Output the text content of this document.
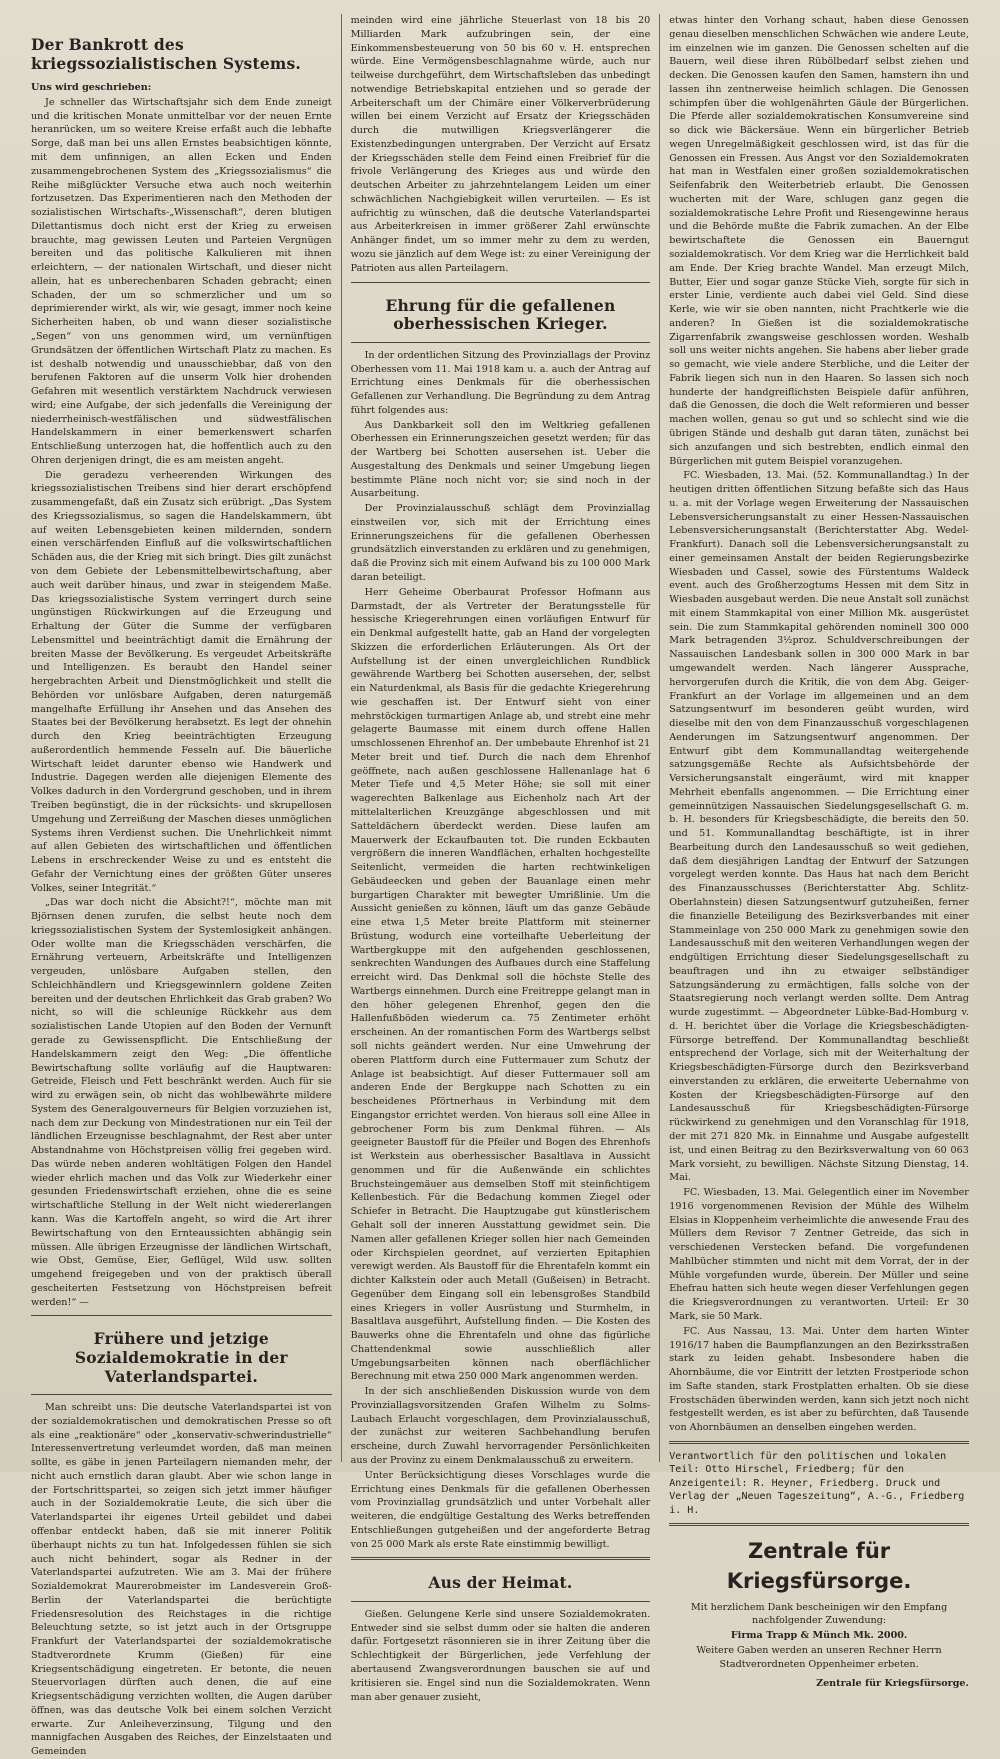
Der Bankrott des kriegssozialistischen Systems.

Uns wird geschrieben:

Je schneller das Wirtschaftsjahr sich dem Ende zuneigt und die kritischen Monate unmittelbar vor der neuen Ernte heranrücken, um so weitere Kreise erfaßt auch die lebhafte Sorge, daß man bei uns allen Ernstes beabsichtigen könnte, mit dem unfinnigen, an allen Ecken und Enden zusammengebrochenen System des „Kriegssozialismus“ die Reihe mißglückter Versuche etwa auch noch weiterhin fortzusetzen. Das Experimentieren nach den Methoden der sozialistischen Wirtschafts-„Wissenschaft“, deren blutigen Dilettantismus doch nicht erst der Krieg zu erweisen brauchte, mag gewissen Leuten und Parteien Vergnügen bereiten und das politische Kalkulieren mit ihnen erleichtern, — der nationalen Wirtschaft, und dieser nicht allein, hat es unberechenbaren Schaden gebracht; einen Schaden, der um so schmerzlicher und um so deprimierender wirkt, als wir, wie gesagt, immer noch keine Sicherheiten haben, ob und wann dieser sozialistische „Segen“ von uns genommen wird, um vernünftigen Grundsätzen der öffentlichen Wirtschaft Platz zu machen. Es ist deshalb notwendig und unausschiebbar, daß von den berufenen Faktoren auf die unserm Volk hier drohenden Gefahren mit wesentlich verstärktem Nachdruck verwiesen wird; eine Aufgabe, der sich jedenfalls die Vereinigung der niederrheinisch-westfälischen und südwestfälischen Handelskammern in einer bemerkenswert scharfen Entschließung unterzogen hat, die hoffentlich auch zu den Ohren derjenigen dringt, die es am meisten angeht.

Die geradezu verheerenden Wirkungen des kriegssozialistischen Treibens sind hier derart erschöpfend zusammengefaßt, daß ein Zusatz sich erübrigt. „Das System des Kriegssozialismus, so sagen die Handelskammern, übt auf weiten Lebensgebieten keinen mildernden, sondern einen verschärfenden Einfluß auf die volkswirtschaftlichen Schäden aus, die der Krieg mit sich bringt. Dies gilt zunächst von dem Gebiete der Lebensmittelbewirtschaftung, aber auch weit darüber hinaus, und zwar in steigendem Maße. Das kriegssozialistische System verringert durch seine ungünstigen Rückwirkungen auf die Erzeugung und Erhaltung der Güter die Summe der verfügbaren Lebensmittel und beeinträchtigt damit die Ernährung der breiten Masse der Bevölkerung. Es vergeudet Arbeitskräfte und Intelligenzen. Es beraubt den Handel seiner hergebrachten Arbeit und Dienstmöglichkeit und stellt die Behörden vor unlösbare Aufgaben, deren naturgemäß mangelhafte Erfüllung ihr Ansehen und das Ansehen des Staates bei der Bevölkerung herabsetzt. Es legt der ohnehin durch den Krieg beeinträchtigten Erzeugung außerordentlich hemmende Fesseln auf. Die bäuerliche Wirtschaft leidet darunter ebenso wie Handwerk und Industrie. Dagegen werden alle diejenigen Elemente des Volkes dadurch in den Vordergrund geschoben, und in ihrem Treiben begünstigt, die in der rücksichts- und skrupellosen Umgehung und Zerreißung der Maschen dieses unmöglichen Systems ihren Verdienst suchen. Die Unehrlichkeit nimmt auf allen Gebieten des wirtschaftlichen und öffentlichen Lebens in erschreckender Weise zu und es entsteht die Gefahr der Vernichtung eines der größten Güter unseres Volkes, seiner Integrität.“

„Das war doch nicht die Absicht?!“, möchte man mit Björnsen denen zurufen, die selbst heute noch dem kriegssozialistischen System der Systemlosigkeit anhängen. Oder wollte man die Kriegsschäden verschärfen, die Ernährung verteuern, Arbeitskräfte und Intelligenzen vergeuden, unlösbare Aufgaben stellen, den Schleichhändlern und Kriegsgewinnlern goldene Zeiten bereiten und der deutschen Ehrlichkeit das Grab graben? Wo nicht, so will die schleunige Rückkehr aus dem sozialistischen Lande Utopien auf den Boden der Vernunft gerade zu Gewissenspflicht. Die Entschließung der Handelskammern zeigt den Weg: „Die öffentliche Bewirtschaftung sollte vorläufig auf die Hauptwaren: Getreide, Fleisch und Fett beschränkt werden. Auch für sie wird zu erwägen sein, ob nicht das wohlbewährte mildere System des Generalgouverneurs für Belgien vorzuziehen ist, nach dem zur Deckung von Mindestrationen nur ein Teil der ländlichen Erzeugnisse beschlagnahmt, der Rest aber unter Abstandnahme von Höchstpreisen völlig frei gegeben wird. Das würde neben anderen wohltätigen Folgen den Handel wieder ehrlich machen und das Volk zur Wiederkehr einer gesunden Friedenswirtschaft erziehen, ohne die es seine wirtschaftliche Stellung in der Welt nicht wiedererlangen kann. Was die Kartoffeln angeht, so wird die Art ihrer Bewirtschaftung von den Ernteaussichten abhängig sein müssen. Alle übrigen Erzeugnisse der ländlichen Wirtschaft, wie Obst, Gemüse, Eier, Geflügel, Wild usw. sollten umgehend freigegeben und von der praktisch überall gescheiterten Festsetzung von Höchstpreisen befreit werden!“ —

Frühere und jetzige Sozialdemokratie in der Vaterlandspartei.

Man schreibt uns: Die deutsche Vaterlandspartei ist von der sozialdemokratischen und demokratischen Presse so oft als eine „reaktionäre“ oder „konservativ-schwerindustrielle“ Interessenvertretung verleumdet worden, daß man meinen sollte, es gäbe in jenen Parteilagern niemanden mehr, der nicht auch ernstlich daran glaubt. Aber wie schon lange in der Fortschrittspartei, so zeigen sich jetzt immer häufiger auch in der Sozialdemokratie Leute, die sich über die Vaterlandspartei ihr eigenes Urteil gebildet und dabei offenbar entdeckt haben, daß sie mit innerer Politik überhaupt nichts zu tun hat. Infolgedessen fühlen sie sich auch nicht behindert, sogar als Redner in der Vaterlandspartei aufzutreten. Wie am 3. Mai der frühere Sozialdemokrat Maurerobmeister im Landesverein Groß-Berlin der Vaterlandspartei die berüchtigte Friedensresolution des Reichstages in die richtige Beleuchtung setzte, so ist jetzt auch in der Ortsgruppe Frankfurt der Vaterlandspartei der sozialdemokratische Stadtverordnete Krumm (Gießen) für eine Kriegsentschädigung eingetreten. Er betonte, die neuen Steuervorlagen dürften auch denen, die auf eine Kriegsentschädigung verzichten wollten, die Augen darüber öffnen, was das deutsche Volk bei einem solchen Verzicht erwarte. Zur Anleiheverzinsung, Tilgung und den mannigfachen Ausgaben des Reiches, der Einzelstaaten und Gemeinden

meinden wird eine jährliche Steuerlast von 18 bis 20 Milliarden Mark aufzubringen sein, der eine Einkommensbesteuerung von 50 bis 60 v. H. entsprechen würde. Eine Vermögensbeschlagnahme würde, auch nur teilweise durchgeführt, dem Wirtschaftsleben das unbedingt notwendige Betriebskapital entziehen und so gerade der Arbeiterschaft um der Chimäre einer Völkerverbrüderung willen bei einem Verzicht auf Ersatz der Kriegsschäden durch die mutwilligen Kriegsverlängerer die Existenzbedingungen untergraben. Der Verzicht auf Ersatz der Kriegsschäden stelle dem Feind einen Freibrief für die frivole Verlängerung des Krieges aus und würde den deutschen Arbeiter zu jahrzehntelangem Leiden um einer schwächlichen Nachgiebigkeit willen verurteilen. — Es ist aufrichtig zu wünschen, daß die deutsche Vaterlandspartei aus Arbeiterkreisen in immer größerer Zahl erwünschte Anhänger findet, um so immer mehr zu dem zu werden, wozu sie jänzlich auf dem Wege ist: zu einer Vereinigung der Patrioten aus allen Parteilagern.

Ehrung für die gefallenen oberhessischen Krieger.

In der ordentlichen Sitzung des Provinziallags der Provinz Oberhessen vom 11. Mai 1918 kam u. a. auch der Antrag auf Errichtung eines Denkmals für die oberhessischen Gefallenen zur Verhandlung. Die Begründung zu dem Antrag führt folgendes aus:

Aus Dankbarkeit soll den im Weltkrieg gefallenen Oberhessen ein Erinnerungszeichen gesetzt werden; für das der Wartberg bei Schotten ausersehen ist. Ueber die Ausgestaltung des Denkmals und seiner Umgebung liegen bestimmte Pläne noch nicht vor; sie sind noch in der Ausarbeitung.

Der Provinzialausschuß schlägt dem Provinziallag einstweilen vor, sich mit der Errichtung eines Erinnerungszeichens für die gefallenen Oberhessen grundsätzlich einverstanden zu erklären und zu genehmigen, daß die Provinz sich mit einem Aufwand bis zu 100 000 Mark daran beteiligt.

Herr Geheime Oberbaurat Professor Hofmann aus Darmstadt, der als Vertreter der Beratungsstelle für hessische Kriegerehrungen einen vorläufigen Entwurf für ein Denkmal aufgestellt hatte, gab an Hand der vorgelegten Skizzen die erforderlichen Erläuterungen. Als Ort der Aufstellung ist der einen unvergleichlichen Rundblick gewährende Wartberg bei Schotten ausersehen, der, selbst ein Naturdenkmal, als Basis für die gedachte Kriegerehrung wie geschaffen ist. Der Entwurf sieht von einer mehrstöckigen turmartigen Anlage ab, und strebt eine mehr gelagerte Baumasse mit einem durch offene Hallen umschlossenen Ehrenhof an. Der umbebaute Ehrenhof ist 21 Meter breit und tief. Durch die nach dem Ehrenhof geöffnete, nach außen geschlossene Hallenanlage hat 6 Meter Tiefe und 4,5 Meter Höhe; sie soll mit einer wagerechten Balkenlage aus Eichenholz nach Art der mittelalterlichen Kreuzgänge abgeschlossen und mit Satteldächern überdeckt werden. Diese laufen am Mauerwerk der Eckaufbauten tot. Die runden Eckbauten vergrößern die inneren Wandflächen, erhalten hochgestellte Seitenlicht, vermeiden die harten rechtwinkeligen Gebäudeecken und geben der Bauanlage einen mehr burgartigen Charakter mit bewegter Umrißlinie. Um die Aussicht genießen zu können, läuft um das ganze Gebäude eine etwa 1,5 Meter breite Plattform mit steinerner Brüstung, wodurch eine vorteilhafte Ueberleitung der Wartbergkuppe mit den aufgehenden geschlossenen, senkrechten Wandungen des Aufbaues durch eine Staffelung erreicht wird. Das Denkmal soll die höchste Stelle des Wartbergs einnehmen. Durch eine Freitreppe gelangt man in den höher gelegenen Ehrenhof, gegen den die Hallenfußböden wiederum ca. 75 Zentimeter erhöht erscheinen. An der romantischen Form des Wartbergs selbst soll nichts geändert werden. Nur eine Umwehrung der oberen Plattform durch eine Futtermauer zum Schutz der Anlage ist beabsichtigt. Auf dieser Futtermauer soll am anderen Ende der Bergkuppe nach Schotten zu ein bescheidenes Pförtnerhaus in Verbindung mit dem Eingangstor errichtet werden. Von hieraus soll eine Allee in gebrochener Form bis zum Denkmal führen. — Als geeigneter Baustoff für die Pfeiler und Bogen des Ehrenhofs ist Werkstein aus oberhessischer Basaltlava in Aussicht genommen und für die Außenwände ein schlichtes Bruchsteingemäuer aus demselben Stoff mit steinfichtigem Kellenbestich. Für die Bedachung kommen Ziegel oder Schiefer in Betracht. Die Hauptzugabe gut künstlerischem Gehalt soll der inneren Ausstattung gewidmet sein. Die Namen aller gefallenen Krieger sollen hier nach Gemeinden oder Kirchspielen geordnet, auf verzierten Epitaphien verewigt werden. Als Baustoff für die Ehrentafeln kommt ein dichter Kalkstein oder auch Metall (Gußeisen) in Betracht. Gegenüber dem Eingang soll ein lebensgroßes Standbild eines Kriegers in voller Ausrüstung und Sturmhelm, in Basaltlava ausgeführt, Aufstellung finden. — Die Kosten des Bauwerks ohne die Ehrentafeln und ohne das figürliche Chattendenkmal sowie ausschließlich aller Umgebungsarbeiten können nach oberflächlicher Berechnung mit etwa 250 000 Mark angenommen werden.

In der sich anschließenden Diskussion wurde von dem Provinziallagsvorsitzenden Grafen Wilhelm zu Solms-Laubach Erlaucht vorgeschlagen, dem Provinzialausschuß, der zunächst zur weiteren Sachbehandlung berufen erscheine, durch Zuwahl hervorragender Persönlichkeiten aus der Provinz zu einem Denkmalausschuß zu erweitern.

Unter Berücksichtigung dieses Vorschlages wurde die Errichtung eines Denkmals für die gefallenen Oberhessen vom Provinziallag grundsätzlich und unter Vorbehalt aller weiteren, die endgültige Gestaltung des Werks betreffenden Entschließungen gutgeheißen und der angeforderte Betrag von 25 000 Mark als erste Rate einstimmig bewilligt.

Aus der Heimat.

Gießen. Gelungene Kerle sind unsere Sozialdemokraten. Entweder sind sie selbst dumm oder sie halten die anderen dafür. Fortgesetzt räsonnieren sie in ihrer Zeitung über die Schlechtigkeit der Bürgerlichen, jede Verfehlung der abertausend Zwangsverordnungen bauschen sie auf und kritisieren sie. Engel sind nun die Sozialdemokraten. Wenn man aber genauer zusieht,

etwas hinter den Vorhang schaut, haben diese Genossen genau dieselben menschlichen Schwächen wie andere Leute, im einzelnen wie im ganzen. Die Genossen schelten auf die Bauern, weil diese ihren Rübölbedarf selbst ziehen und decken. Die Genossen kaufen den Samen, hamstern ihn und lassen ihn zentnerweise heimlich schlagen. Die Genossen schimpfen über die wohlgenährten Gäule der Bürgerlichen. Die Pferde aller sozialdemokratischen Konsumvereine sind so dick wie Bäckersäue. Wenn ein bürgerlicher Betrieb wegen Unregelmäßigkeit geschlossen wird, ist das für die Genossen ein Fressen. Aus Angst vor den Sozialdemokraten hat man in Westfalen einer großen sozialdemokratischen Seifenfabrik den Weiterbetrieb erlaubt. Die Genossen wucherten mit der Ware, schlugen ganz gegen die sozialdemokratische Lehre Profit und Riesengewinne heraus und die Behörde mußte die Fabrik zumachen. An der Elbe bewirtschaftete die Genossen ein Bauerngut sozialdemokratisch. Vor dem Krieg war die Herrlichkeit bald am Ende. Der Krieg brachte Wandel. Man erzeugt Milch, Butter, Eier und sogar ganze Stücke Vieh, sorgte für sich in erster Linie, verdiente auch dabei viel Geld. Sind diese Kerle, wie wir sie oben nannten, nicht Prachtkerle wie die anderen? In Gießen ist die sozialdemokratische Zigarrenfabrik zwangsweise geschlossen worden. Weshalb soll uns weiter nichts angehen. Sie habens aber lieber grade so gemacht, wie viele andere Sterbliche, und die Leiter der Fabrik liegen sich nun in den Haaren. So lassen sich noch hunderte der handgreiflichsten Beispiele dafür anführen, daß die Genossen, die doch die Welt reformieren und besser machen wollen, genau so gut und so schlecht sind wie die übrigen Stände und deshalb gut daran täten, zunächst bei sich anzufangen und sich bestrebten, endlich einmal den Bürgerlichen mit gutem Beispiel voranzugehen.

FC. Wiesbaden, 13. Mai. (52. Kommunallandtag.) In der heutigen dritten öffentlichen Sitzung befaßte sich das Haus u. a. mit der Vorlage wegen Erweiterung der Nassauischen Lebensversicherungsanstalt zu einer Hessen-Nassauischen Lebensversicherungsanstalt (Berichterstatter Abg. Wedel-Frankfurt). Danach soll die Lebensversicherungsanstalt zu einer gemeinsamen Anstalt der beiden Regierungsbezirke Wiesbaden und Cassel, sowie des Fürstentums Waldeck event. auch des Großherzogtums Hessen mit dem Sitz in Wiesbaden ausgebaut werden. Die neue Anstalt soll zunächst mit einem Stammkapital von einer Million Mk. ausgerüstet sein. Die zum Stammkapital gehörenden nominell 300 000 Mark betragenden 3½proz. Schuldverschreibungen der Nassauischen Landesbank sollen in 300 000 Mark in bar umgewandelt werden. Nach längerer Aussprache, hervorgerufen durch die Kritik, die von dem Abg. Geiger-Frankfurt an der Vorlage im allgemeinen und an dem Satzungsentwurf im besonderen geübt wurden, wird dieselbe mit den von dem Finanzausschuß vorgeschlagenen Aenderungen im Satzungsentwurf angenommen. Der Entwurf gibt dem Kommunallandtag weitergehende satzungsgemäße Rechte als Aufsichtsbehörde der Versicherungsanstalt eingeräumt, wird mit knapper Mehrheit ebenfalls angenommen. — Die Errichtung einer gemeinnützigen Nassauischen Siedelungsgesellschaft G. m. b. H. besonders für Kriegsbeschädigte, die bereits den 50. und 51. Kommunallandtag beschäftigte, ist in ihrer Bearbeitung durch den Landesausschuß so weit gediehen, daß dem diesjährigen Landtag der Entwurf der Satzungen vorgelegt werden konnte. Das Haus hat nach dem Bericht des Finanzausschusses (Berichterstatter Abg. Schlitz-Oberlahnstein) diesen Satzungsentwurf gutzuheißen, ferner die finanzielle Beteiligung des Bezirksverbandes mit einer Stammeinlage von 250 000 Mark zu genehmigen sowie den Landesausschuß mit den weiteren Verhandlungen wegen der endgültigen Errichtung dieser Siedelungsgesellschaft zu beauftragen und ihn zu etwaiger selbständiger Satzungsänderung zu ermächtigen, falls solche von der Staatsregierung noch verlangt werden sollte. Dem Antrag wurde zugestimmt. — Abgeordneter Lübke-Bad-Homburg v. d. H. berichtet über die Vorlage die Kriegsbeschädigten-Fürsorge betreffend. Der Kommunallandtag beschließt entsprechend der Vorlage, sich mit der Weiterhaltung der Kriegsbeschädigten-Fürsorge durch den Bezirksverband einverstanden zu erklären, die erweiterte Uebernahme von Kosten der Kriegsbeschädigten-Fürsorge auf den Landesausschuß für Kriegsbeschädigten-Fürsorge rückwirkend zu genehmigen und den Voranschlag für 1918, der mit 271 820 Mk. in Einnahme und Ausgabe aufgestellt ist, und einen Beitrag zu den Bezirksverwaltung von 60 063 Mark vorsieht, zu bewilligen. Nächste Sitzung Dienstag, 14. Mai.

FC. Wiesbaden, 13. Mai. Gelegentlich einer im November 1916 vorgenommenen Revision der Mühle des Wilhelm Elsias in Kloppenheim verheimlichte die anwesende Frau des Müllers dem Revisor 7 Zentner Getreide, das sich in verschiedenen Verstecken befand. Die vorgefundenen Mahlbücher stimmten und nicht mit dem Vorrat, der in der Mühle vorgefunden wurde, überein. Der Müller und seine Ehefrau hatten sich heute wegen dieser Verfehlungen gegen die Kriegsverordnungen zu verantworten. Urteil: Er 30 Mark, sie 50 Mark.

FC. Aus Nassau, 13. Mai. Unter dem harten Winter 1916/17 haben die Baumpflanzungen an den Bezirksstraßen stark zu leiden gehabt. Insbesondere haben die Ahornbäume, die vor Eintritt der letzten Frostperiode schon im Safte standen, stark Frostplatten erhalten. Ob sie diese Frostschäden überwinden werden, kann sich jetzt noch nicht festgestellt werden, es ist aber zu befürchten, daß Tausende von Ahornbäumen an denselben eingehen werden.

Verantwortlich für den politischen und lokalen Teil: Otto Hirschel, Friedberg; für den Anzeigenteil: R. Heyner, Friedberg. Druck und Verlag der „Neuen Tageszeitung“, A.-G., Friedberg i. H.
Zentrale für Kriegsfürsorge.

Mit herzlichem Dank bescheinigen wir den Empfang nachfolgender Zuwendung:

Firma Trapp & Münch Mk. 2000.

Weitere Gaben werden an unseren Rechner Herrn Stadtverordneten Oppenheimer erbeten.

Zentrale für Kriegsfürsorge.
